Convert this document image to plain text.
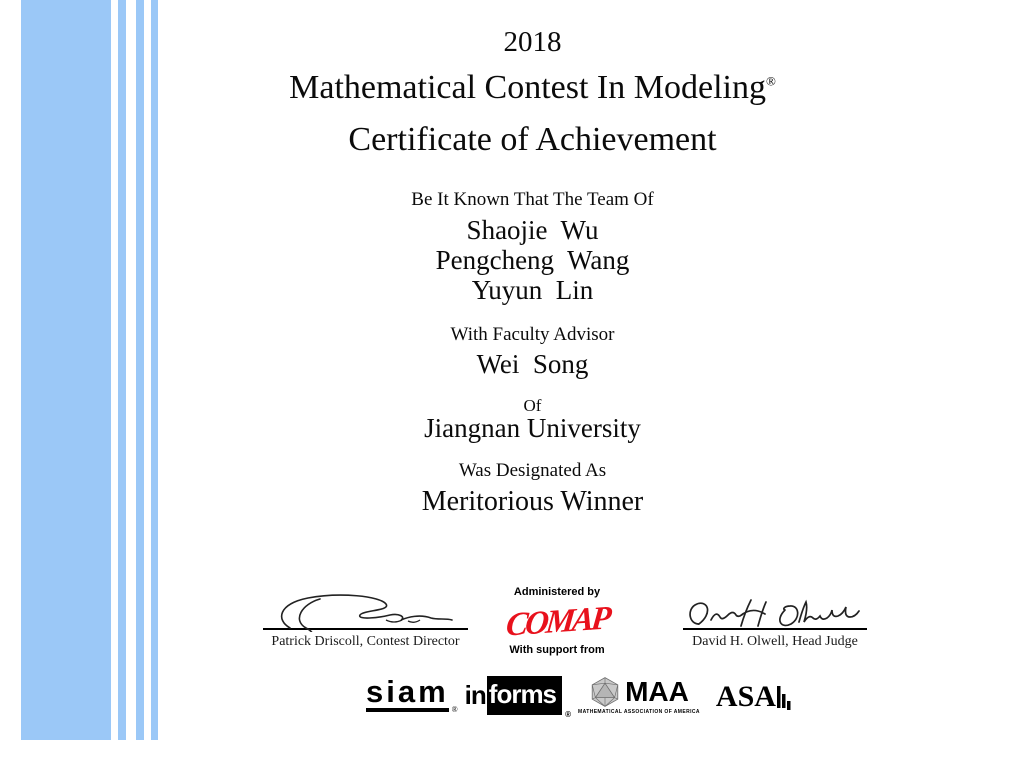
2018
Mathematical Contest In Modeling®
Certificate of Achievement
Be It Known That The Team Of
Shaojie  Wu
Pengcheng  Wang
Yuyun  Lin
With Faculty Advisor
Wei  Song
Of
Jiangnan University
Was Designated As
Meritorious Winner
Patrick Driscoll, Contest Director
Administered by
COMAP
With support from
David H. Olwell, Head Judge
siam ® in forms
®
MAA
MATHEMATICAL ASSOCIATION OF AMERICA ASA
